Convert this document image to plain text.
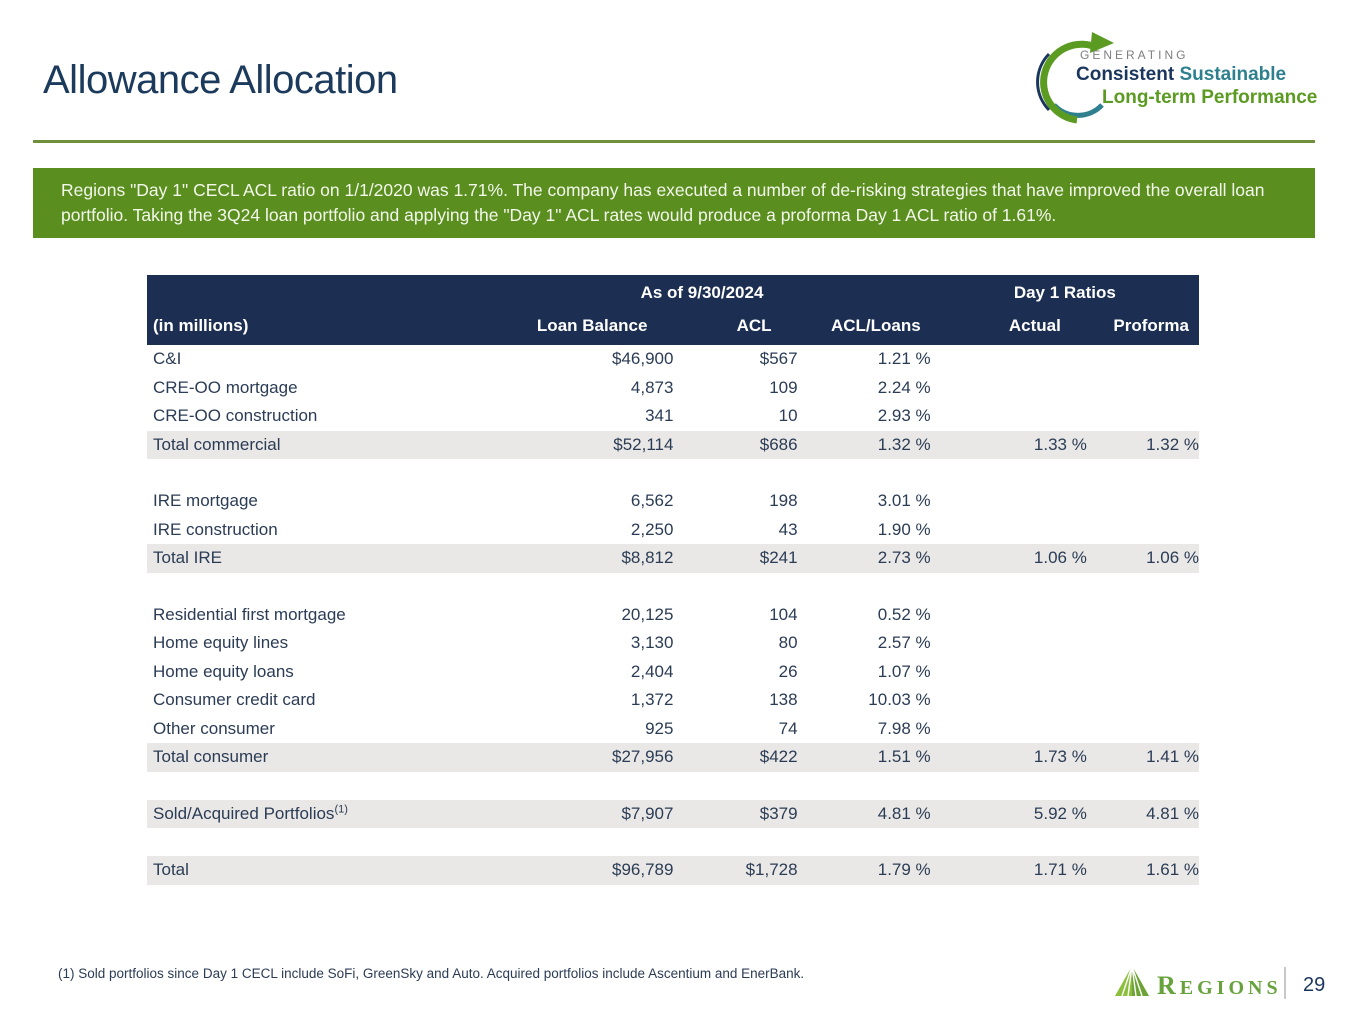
Allowance Allocation
GENERATING
Consistent Sustainable
Long-term Performance

Regions "Day 1" CECL ACL ratio on 1/1/2020 was 1.71%. The company has executed a number of de-risking strategies that have improved the overall loan portfolio. Taking the 3Q24 loan portfolio and applying the "Day 1" ACL rates would produce a proforma Day 1 ACL ratio of 1.61%.

	As of 9/30/2024			Day 1 Ratios	
(in millions)	Loan Balance	ACL	ACL/Loans	Actual	Proforma
C&I	$46,900	$567	1.21 %		
CRE-OO mortgage	4,873	109	2.24 %		
CRE-OO construction	341	10	2.93 %		
Total commercial	$52,114	$686	1.32 %	1.33 %	1.32 %

IRE mortgage	6,562	198	3.01 %		
IRE construction	2,250	43	1.90 %		
Total IRE	$8,812	$241	2.73 %	1.06 %	1.06 %

Residential first mortgage	20,125	104	0.52 %		
Home equity lines	3,130	80	2.57 %		
Home equity loans	2,404	26	1.07 %		
Consumer credit card	1,372	138	10.03 %		
Other consumer	925	74	7.98 %		
Total consumer	$27,956	$422	1.51 %	1.73 %	1.41 %

Sold/Acquired Portfolios$^{(1)}$	$7,907	$379	4.81 %	5.92 %	4.81 %

Total	$96,789	$1,728	1.79 %	1.71 %	1.61 %
(1) Sold portfolios since Day 1 CECL include SoFi, GreenSky and Auto. Acquired portfolios include Ascentium and EnerBank.	REGIONS 29
